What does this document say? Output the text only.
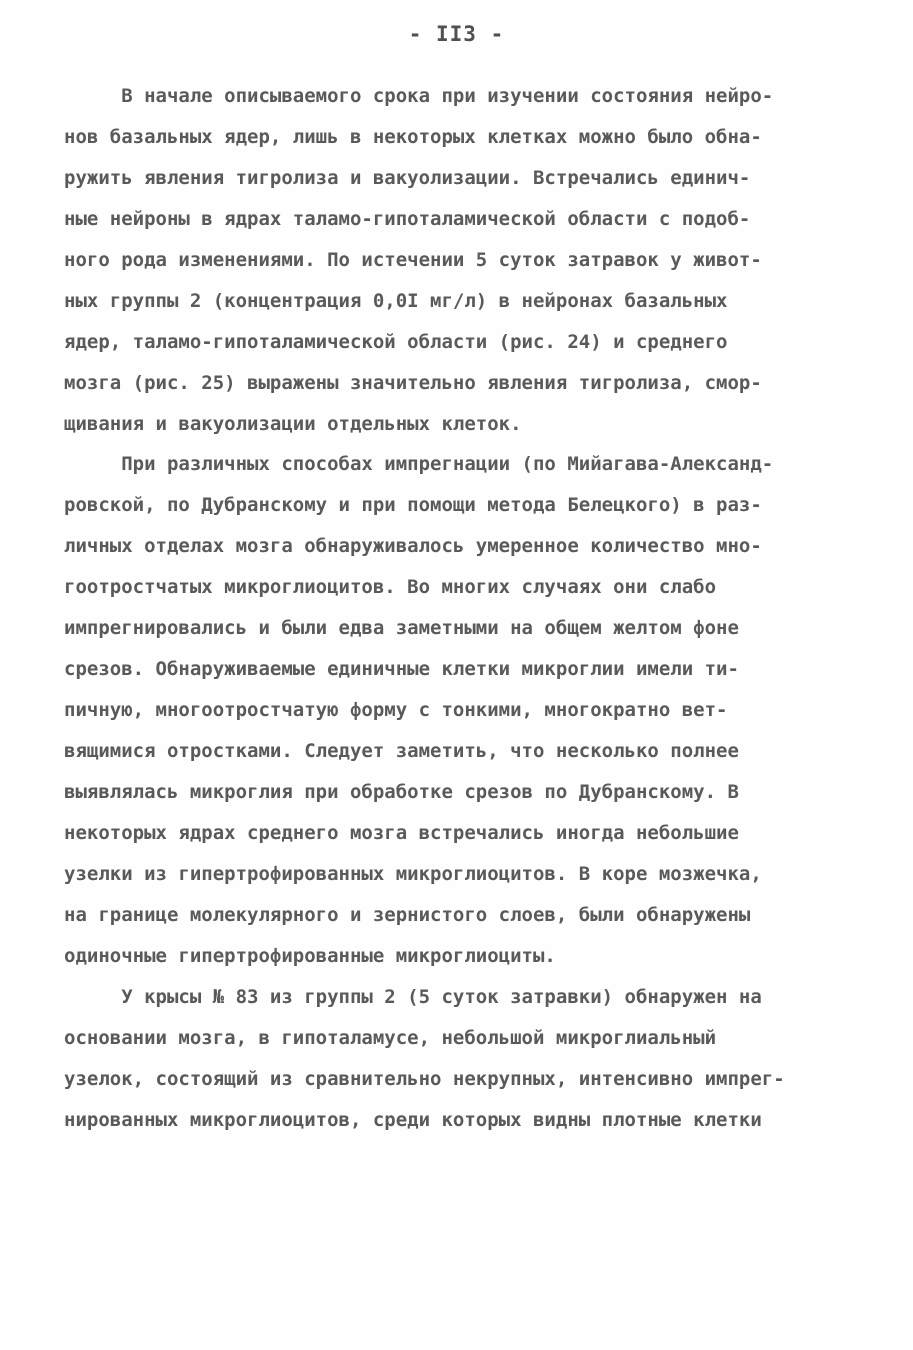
- II3 -
В начале описываемого срока при изучении состояния нейро-
нов базальных ядер, лишь в некоторых клетках можно было обна-
ружить явления тигролиза и вакуолизации. Встречались единич-
ные нейроны в ядрах таламо-гипоталамической области с подоб-
ного рода изменениями. По истечении 5 суток затравок у живот-
ных группы 2 (концентрация 0,0I мг/л) в нейронах базальных
ядер, таламо-гипоталамической области (рис. 24) и среднего
мозга (рис. 25) выражены значительно явления тигролиза, смор-
щивания и вакуолизации отдельных клеток.
При различных способах импрегнации (по Мийагава-Александ-
ровской, по Дубранскому и при помощи метода Белецкого) в раз-
личных отделах мозга обнаруживалось умеренное количество мно-
гоотростчатых микроглиоцитов. Во многих случаях они слабо
импрегнировались и были едва заметными на общем желтом фоне
срезов. Обнаруживаемые единичные клетки микроглии имели ти-
пичную, многоотростчатую форму с тонкими, многократно вет-
вящимися отростками. Следует заметить, что несколько полнее
выявлялась микроглия при обработке срезов по Дубранскому. В
некоторых ядрах среднего мозга встречались иногда небольшие
узелки из гипертрофированных микроглиоцитов. В коре мозжечка,
на границе молекулярного и зернистого слоев, были обнаружены
одиночные гипертрофированные микроглиоциты.
У крысы № 83 из группы 2 (5 суток затравки) обнаружен на
основании мозга, в гипоталамусе, небольшой микроглиальный
узелок, состоящий из сравнительно некрупных, интенсивно импрег-
нированных микроглиоцитов, среди которых видны плотные клетки
